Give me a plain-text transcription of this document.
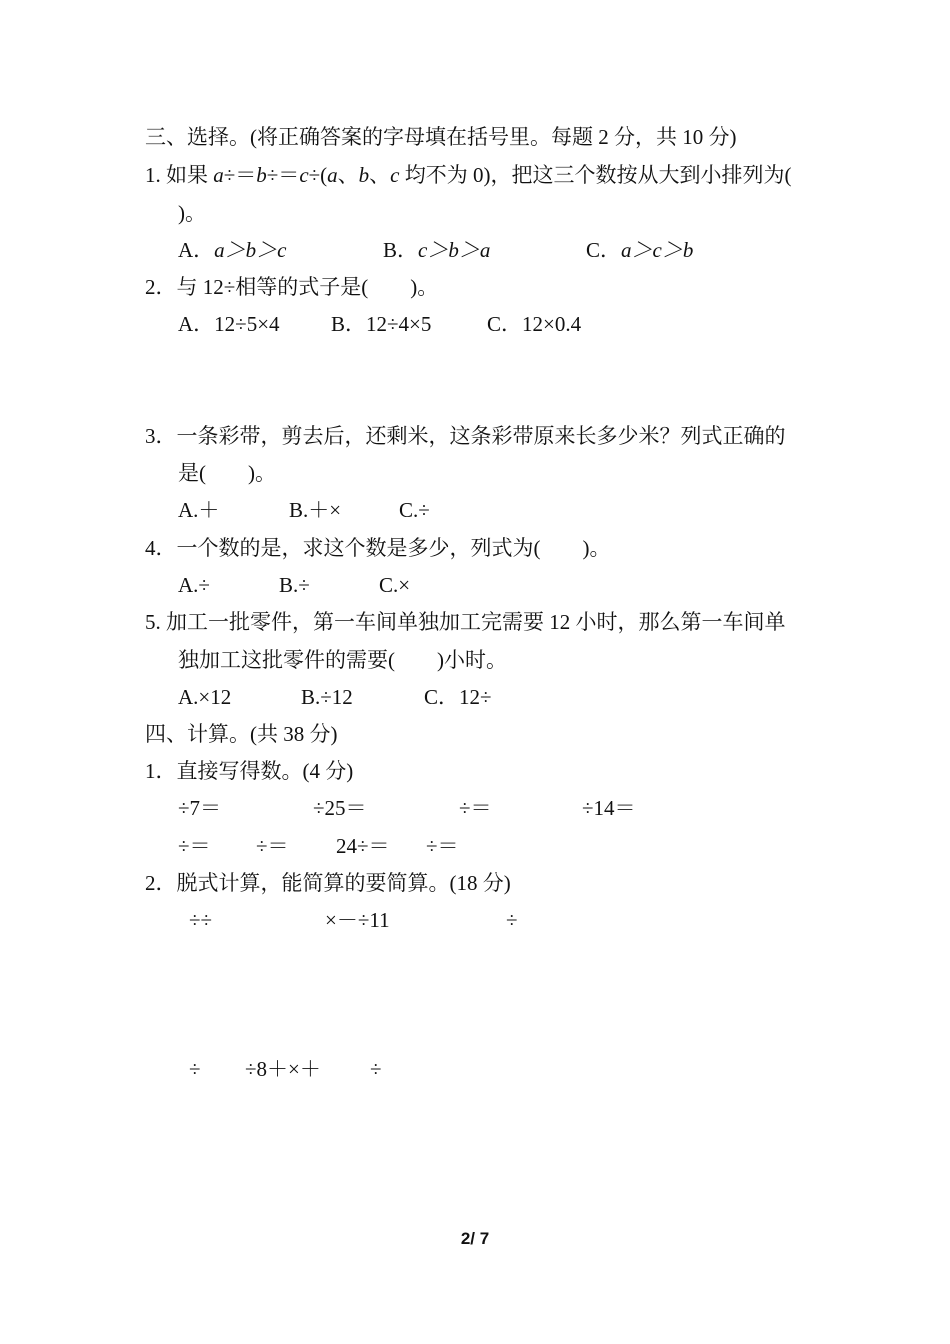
三、选择。(将正确答案的字母填在括号里。每题 2 分，共 10 分)
1. 如果 a÷＝b÷＝c÷(a、b、c 均不为 0)，把这三个数按从大到小排列为(
)。
A．a＞b＞c	B．c＞b＞a	C．a＞c＞b
2．与 12÷相等的式子是(　　)。
A．12÷5×4 B．12÷4×5	C．12×0.4
3．一条彩带，剪去后，还剩米，这条彩带原来长多少米？列式正确的
是(　　)。
A.＋	B.＋×	C.÷
4．一个数的是，求这个数是多少，列式为(　　)。
A.÷	B.÷	C.×
5. 加工一批零件，第一车间单独加工完需要 12 小时，那么第一车间单
独加工这批零件的需要(　　)小时。
A.×12	B.÷12	C．12÷
四、计算。(共 38 分)
1．直接写得数。(4 分)
÷7＝	÷25＝	÷＝	÷14＝
÷＝ ÷＝ 24÷＝ ÷＝
2．脱式计算，能简算的要简算。(18 分)
÷÷	×－÷11	÷
÷ ÷8＋×＋ ÷
2/ 7
